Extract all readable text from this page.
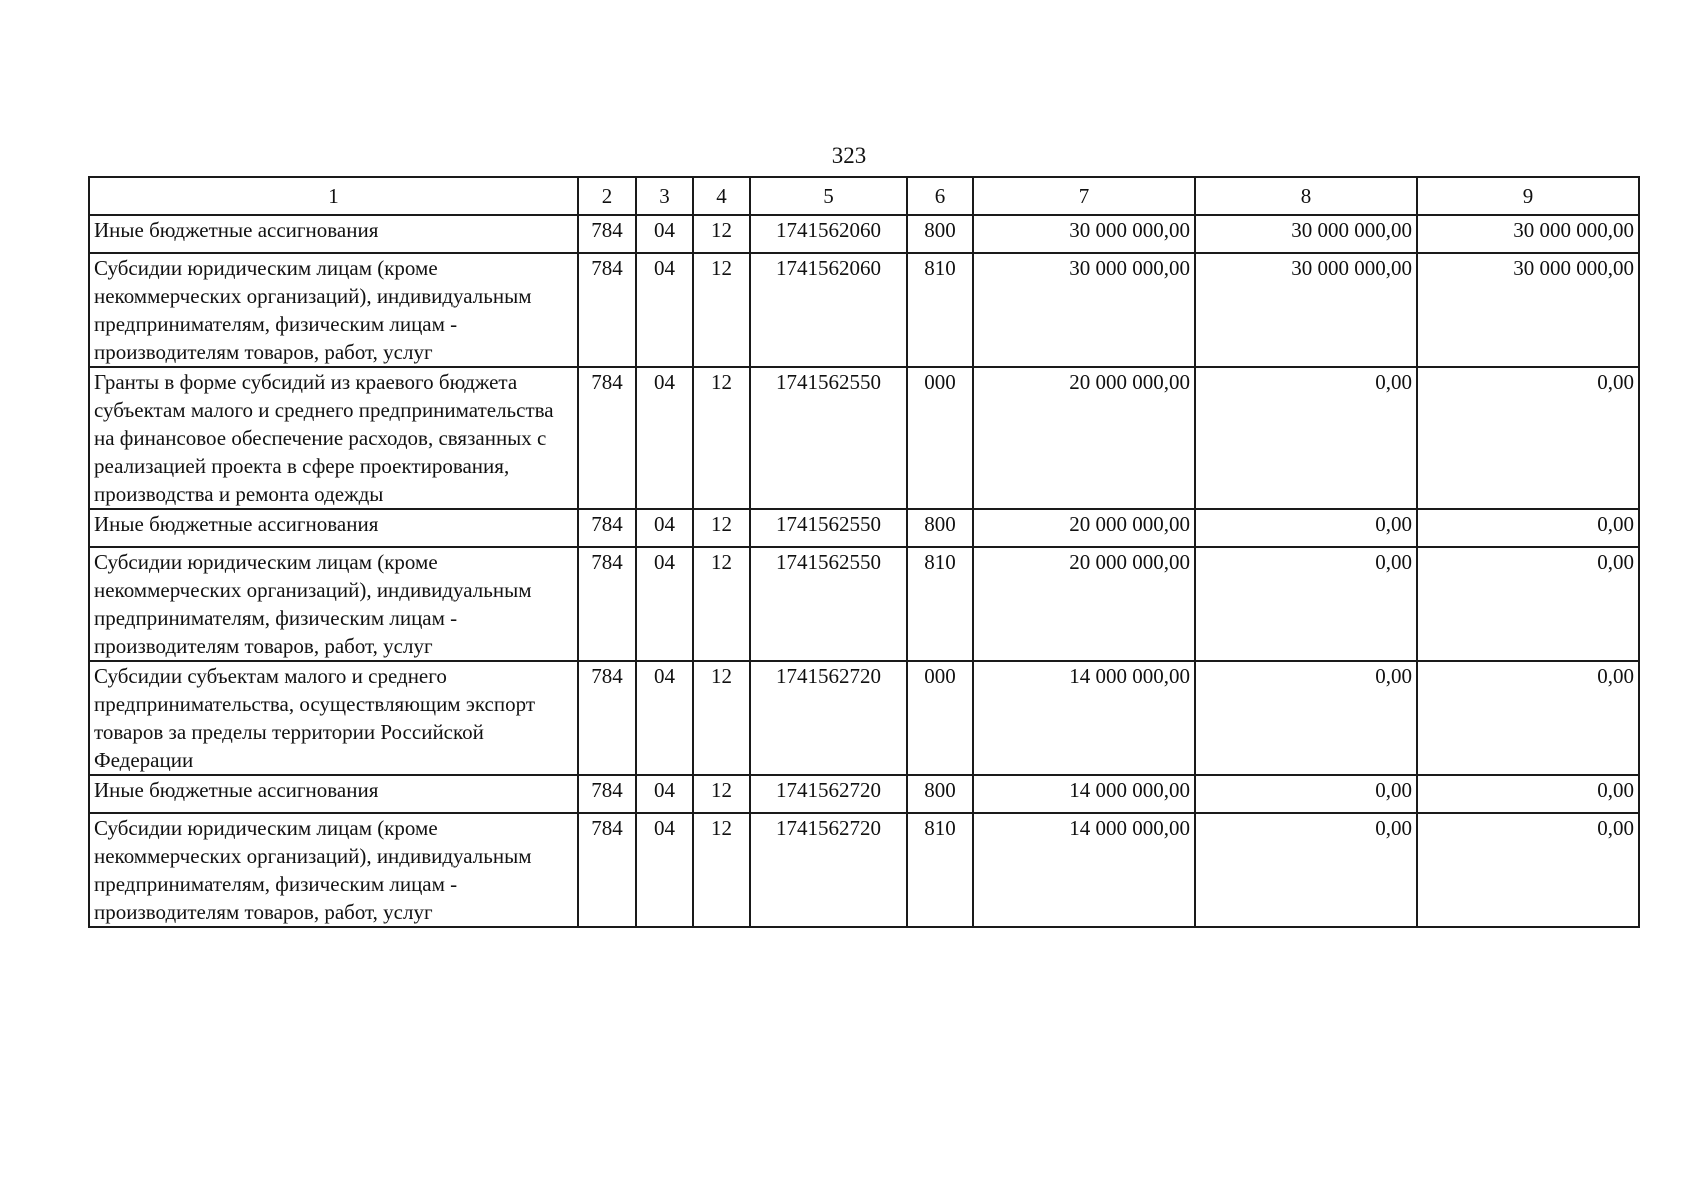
323
1	2	3	4	5	6	7	8	9
Иные бюджетные ассигнования	784	04	12	1741562060	800	30 000 000,00	30 000 000,00	30 000 000,00
Субсидии юридическим лицам (кроме некоммерческих организаций), индивидуальным предпринимателям, физическим лицам - производителям товаров, работ, услуг	784	04	12	1741562060	810	30 000 000,00	30 000 000,00	30 000 000,00
Гранты в форме субсидий из краевого бюджета субъектам малого и среднего предпринимательства на финансовое обеспечение расходов, связанных с реализацией проекта в сфере проектирования, производства и ремонта одежды	784	04	12	1741562550	000	20 000 000,00	0,00	0,00
Иные бюджетные ассигнования	784	04	12	1741562550	800	20 000 000,00	0,00	0,00
Субсидии юридическим лицам (кроме некоммерческих организаций), индивидуальным предпринимателям, физическим лицам - производителям товаров, работ, услуг	784	04	12	1741562550	810	20 000 000,00	0,00	0,00
Субсидии субъектам малого и среднего предпринимательства, осуществляющим экспорт товаров за пределы территории Российской Федерации	784	04	12	1741562720	000	14 000 000,00	0,00	0,00
Иные бюджетные ассигнования	784	04	12	1741562720	800	14 000 000,00	0,00	0,00
Субсидии юридическим лицам (кроме некоммерческих организаций), индивидуальным предпринимателям, физическим лицам - производителям товаров, работ, услуг	784	04	12	1741562720	810	14 000 000,00	0,00	0,00
